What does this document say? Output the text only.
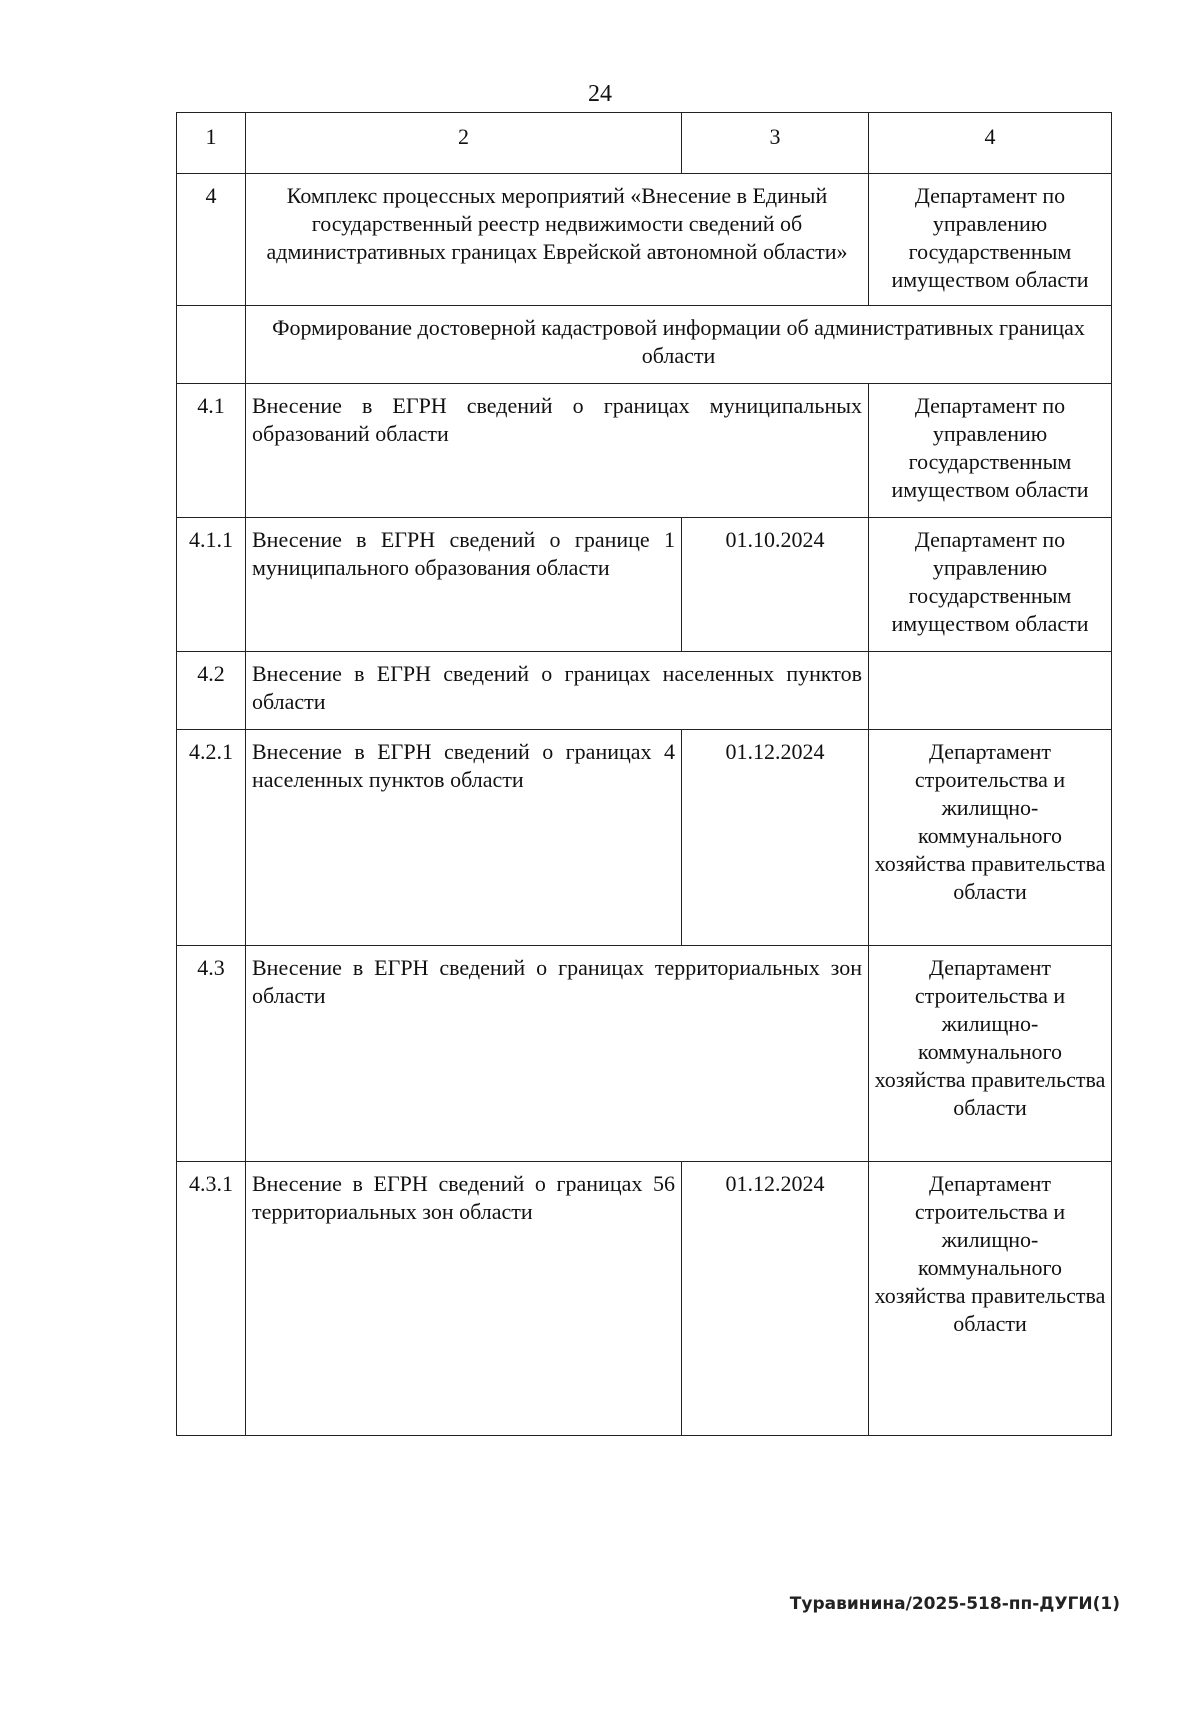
24
1	2	3	4
4	Комплекс процессных мероприятий «Внесение в Единый государственный реестр недвижимости сведений об административных границах Еврейской автономной области»		Департамент по управлению государственным имуществом области
	Формирование достоверной кадастровой информации об административных границах области		
4.1	Внесение в ЕГРН сведений о границах муниципальных образований области		Департамент по управлению государственным имуществом области
4.1.1	Внесение в ЕГРН сведений о границе 1 муниципального образования области	01.10.2024	Департамент по управлению государственным имуществом области
4.2	Внесение в ЕГРН сведений о границах населенных пунктов области		
4.2.1	Внесение в ЕГРН сведений о границах 4 населенных пунктов области	01.12.2024	Департамент строительства и жилищно-коммунального хозяйства правительства области
4.3	Внесение в ЕГРН сведений о границах территориальных зон области		Департамент строительства и жилищно-коммунального хозяйства правительства области
4.3.1	Внесение в ЕГРН сведений о границах 56 территориальных зон области	01.12.2024	Департамент строительства и жилищно-коммунального хозяйства правительства области
Туравинина/2025-518-пп-ДУГИ(1)
